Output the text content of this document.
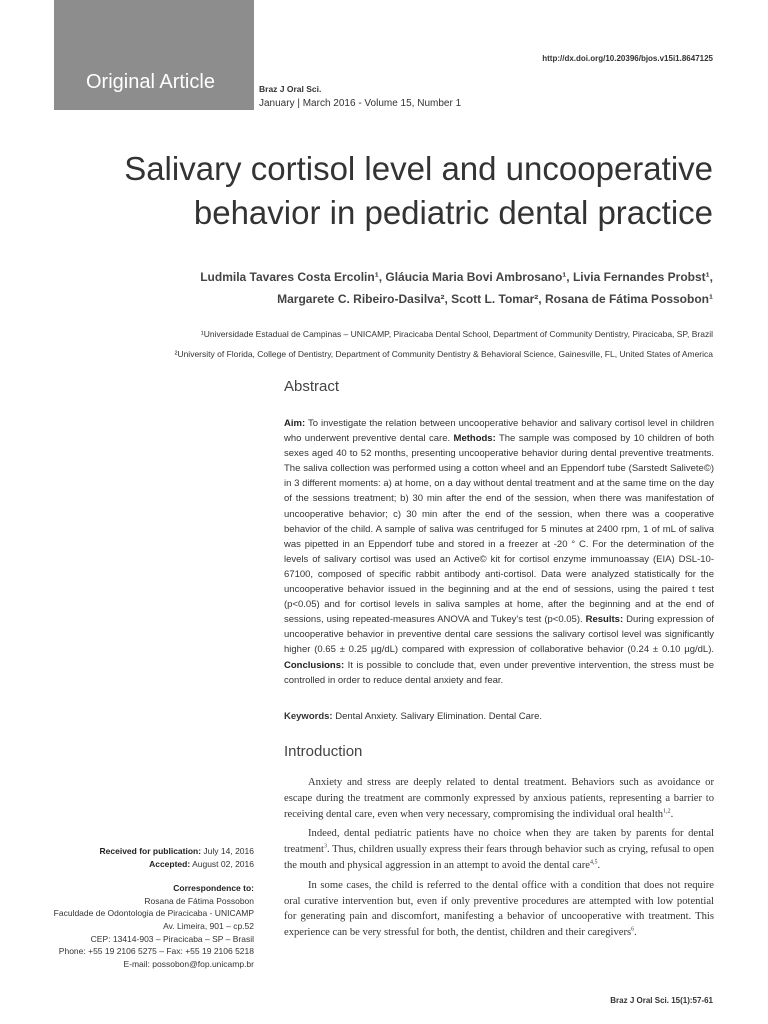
Original Article
http://dx.doi.org/10.20396/bjos.v15i1.8647125
Braz J Oral Sci.
January | March 2016 - Volume 15, Number 1
Salivary cortisol level and uncooperative
behavior in pediatric dental practice
Ludmila Tavares Costa Ercolin¹, Gláucia Maria Bovi Ambrosano¹, Livia Fernandes Probst¹,
Margarete C. Ribeiro-Dasilva², Scott L. Tomar², Rosana de Fátima Possobon¹
¹Universidade Estadual de Campinas – UNICAMP, Piracicaba Dental School, Department of Community Dentistry, Piracicaba, SP, Brazil
²University of Florida, College of Dentistry, Department of Community Dentistry & Behavioral Science, Gainesville, FL, United States of America
Abstract
Aim: To investigate the relation between uncooperative behavior and salivary cortisol level in children who underwent preventive dental care. Methods: The sample was composed by 10 children of both sexes aged 40 to 52 months, presenting uncooperative behavior during dental preventive treatments. The saliva collection was performed using a cotton wheel and an Eppendorf tube (Sarstedt Salivete©) in 3 different moments: a) at home, on a day without dental treatment and at the same time on the day of the sessions treatment; b) 30 min after the end of the session, when there was manifestation of uncooperative behavior; c) 30 min after the end of the session, when there was a cooperative behavior of the child. A sample of saliva was centrifuged for 5 minutes at 2400 rpm, 1 of mL of saliva was pipetted in an Eppendorf tube and stored in a freezer at -20 ° C. For the determination of the levels of salivary cortisol was used an Active© kit for cortisol enzyme immunoassay (EIA) DSL-10-67100, composed of specific rabbit antibody anti-cortisol. Data were analyzed statistically for the uncooperative behavior issued in the beginning and at the end of sessions, using the paired t test (p<0.05) and for cortisol levels in saliva samples at home, after the beginning and at the end of sessions, using repeated-measures ANOVA and Tukey's test (p<0.05). Results: During expression of uncooperative behavior in preventive dental care sessions the salivary cortisol level was significantly higher (0.65 ± 0.25 µg/dL) compared with expression of collaborative behavior (0.24 ± 0.10 µg/dL). Conclusions: It is possible to conclude that, even under preventive intervention, the stress must be controlled in order to reduce dental anxiety and fear.
Keywords: Dental Anxiety. Salivary Elimination. Dental Care.
Introduction

Anxiety and stress are deeply related to dental treatment. Behaviors such as avoidance or escape during the treatment are commonly expressed by anxious patients, representing a barrier to receiving dental care, even when very necessary, compromising the individual oral health$^{1,2}$.

Indeed, dental pediatric patients have no choice when they are taken by parents for dental treatment$^3$. Thus, children usually express their fears through behavior such as crying, refusal to open the mouth and physical aggression in an attempt to avoid the dental care$^{4,5}$.

In some cases, the child is referred to the dental office with a condition that does not require oral curative intervention but, even if only preventive procedures are attempted with low potential for generating pain and discomfort, manifesting a behavior of uncooperative with treatment. This experience can be very stressful for both, the dentist, children and their caregivers$^6$.

Received for publication: July 14, 2016
Accepted: August 02, 2016
Correspondence to:
Rosana de Fátima Possobon
Faculdade de Odontologia de Piracicaba - UNICAMP
Av. Limeira, 901 – cp.52
CEP: 13414-903 – Piracicaba – SP – Brasil
Phone: +55 19 2106 5275 – Fax: +55 19 2106 5218
E-mail: possobon@fop.unicamp.br
Braz J Oral Sci. 15(1):57-61
